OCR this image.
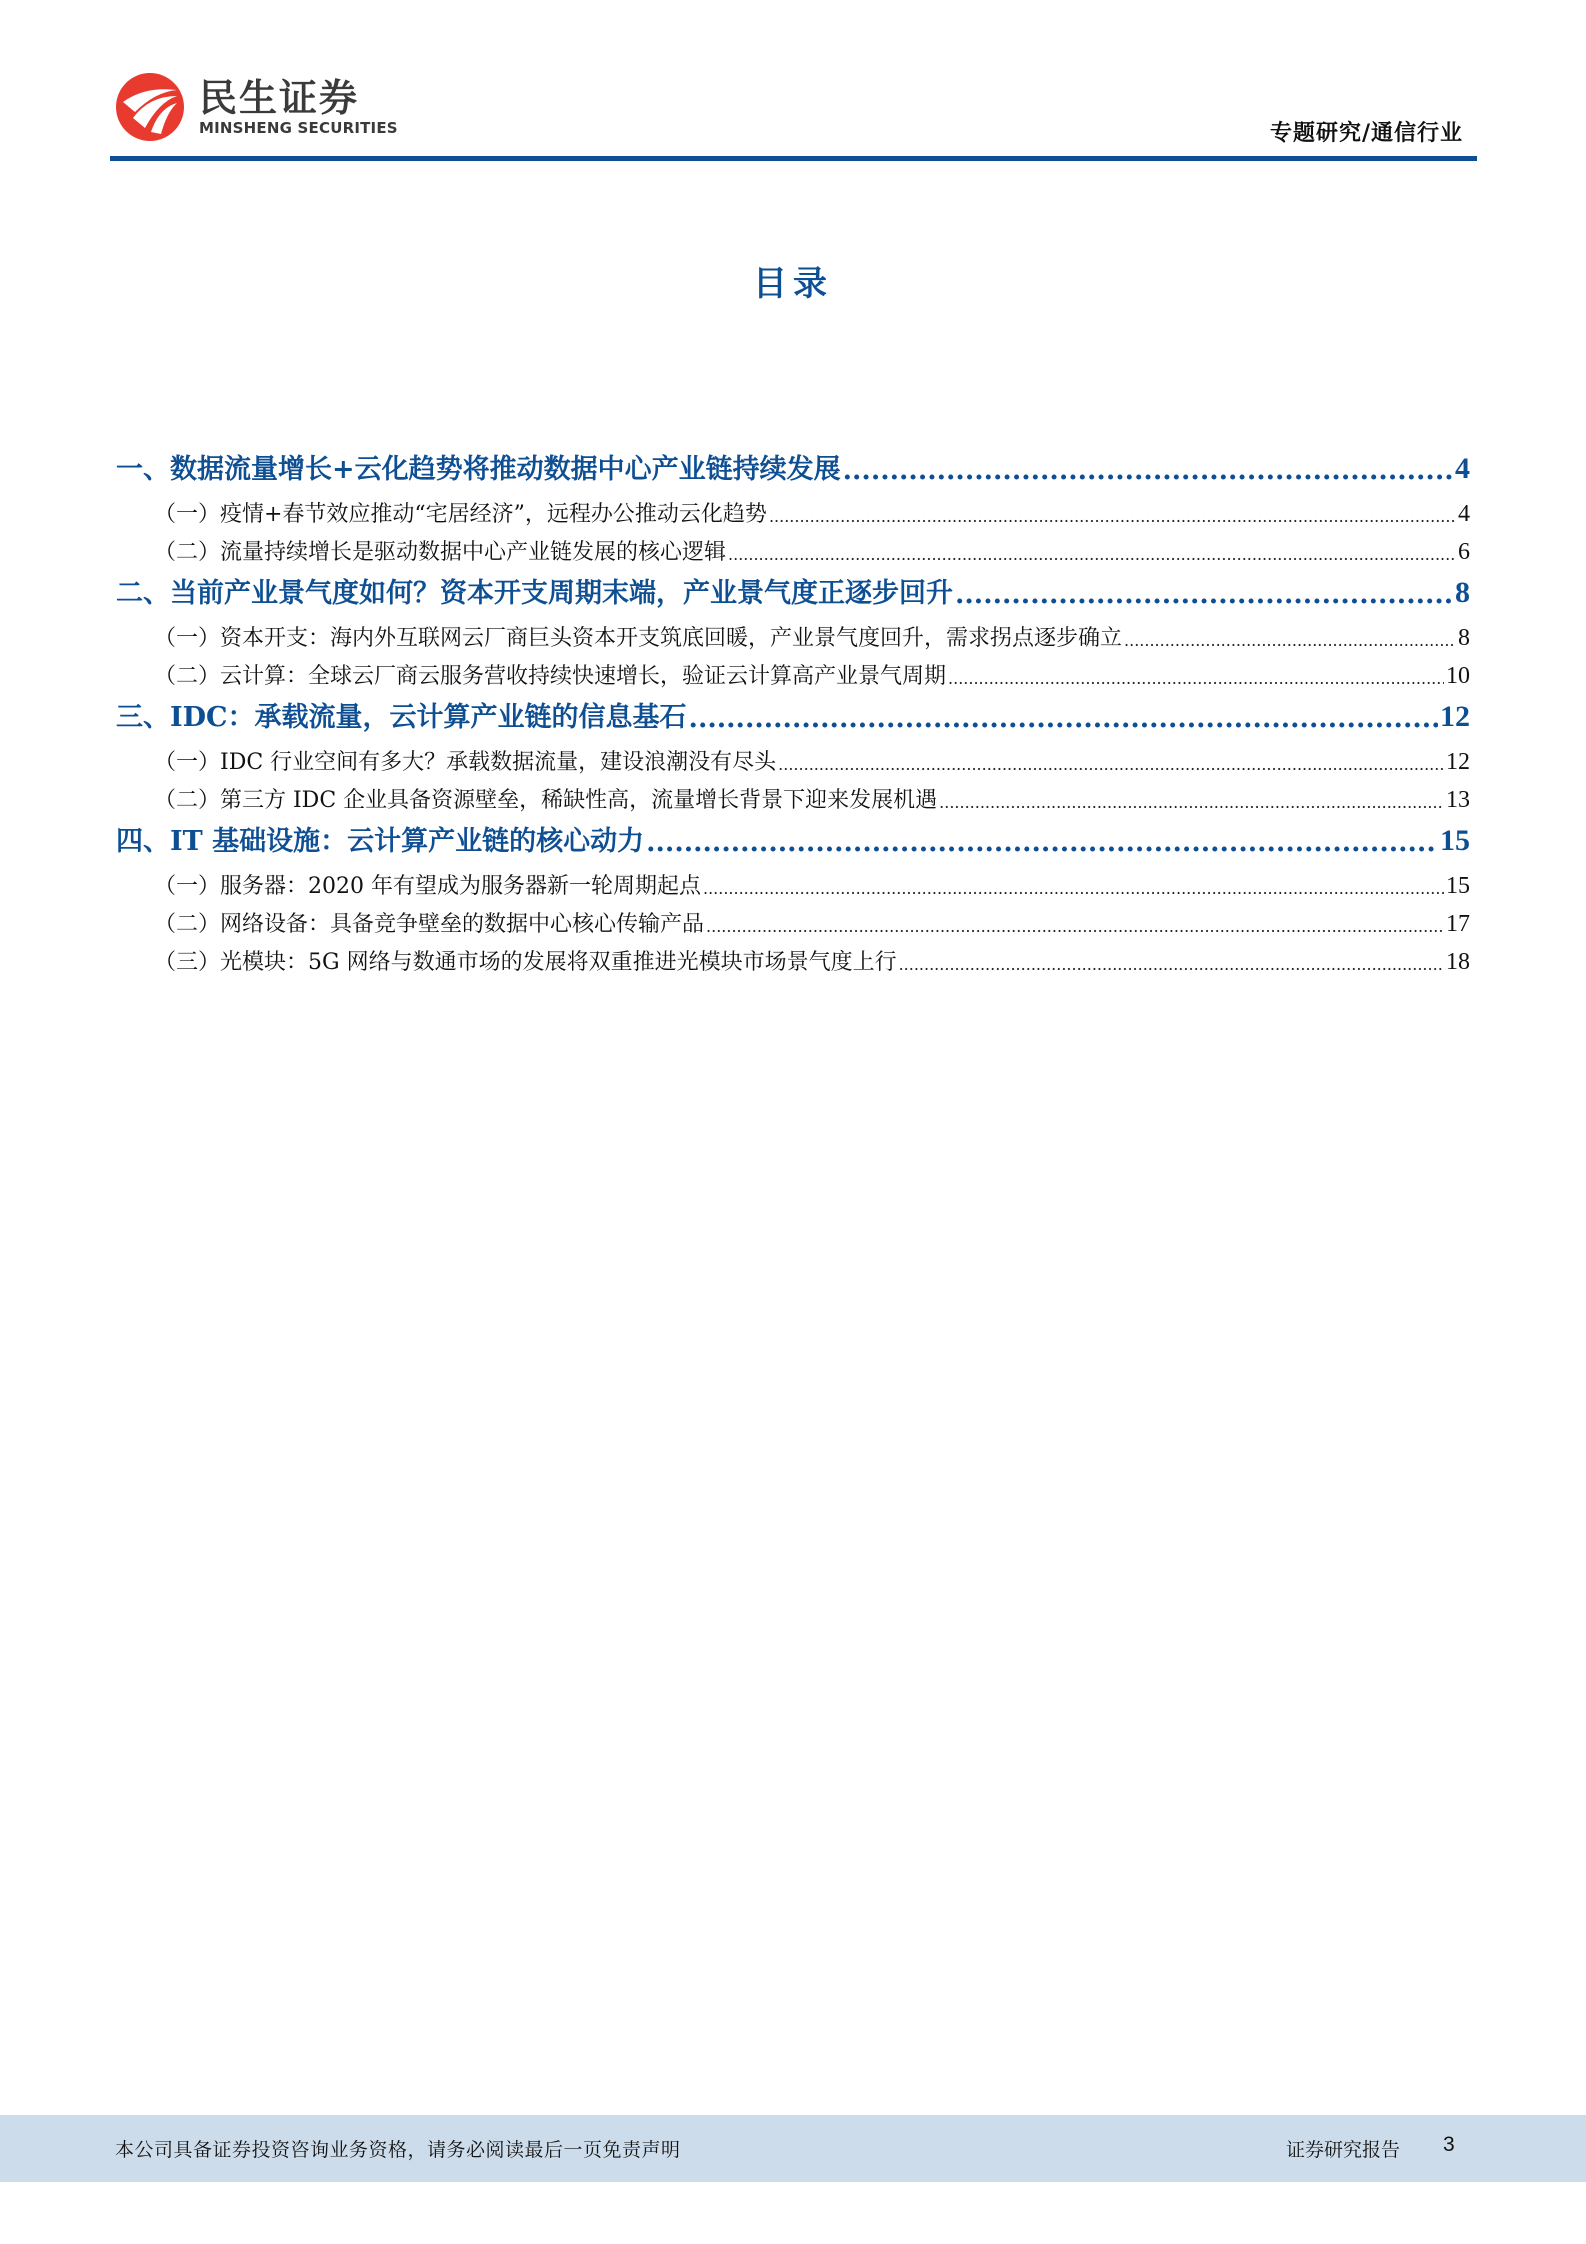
民生证券
MINSHENG SECURITIES	专题研究/通信行业
目录
一、数据流量增长+云化趋势将推动数据中心产业链持续发展 .....	4
（一）疫情+春节效应推动“宅居经济”，远程办公推动云化趋势 .....	4
（二）流量持续增长是驱动数据中心产业链发展的核心逻辑 .....	6
二、当前产业景气度如何？资本开支周期末端，产业景气度正逐步回升 .....	8
（一）资本开支：海内外互联网云厂商巨头资本开支筑底回暖，产业景气度回升，需求拐点逐步确立 .....	8
（二）云计算：全球云厂商云服务营收持续快速增长，验证云计算高产业景气周期 .....	10
三、IDC：承载流量，云计算产业链的信息基石 .....	12
（一）IDC 行业空间有多大？承载数据流量，建设浪潮没有尽头 .....	12
（二）第三方 IDC 企业具备资源壁垒，稀缺性高，流量增长背景下迎来发展机遇 .....	13
四、IT 基础设施：云计算产业链的核心动力 .....	15
（一）服务器：2020 年有望成为服务器新一轮周期起点 .....	15
（二）网络设备：具备竞争壁垒的数据中心核心传输产品 .....	17
（三）光模块：5G 网络与数通市场的发展将双重推进光模块市场景气度上行 .....	18
本公司具备证券投资咨询业务资格，请务必阅读最后一页免责声明	证券研究报告 3
